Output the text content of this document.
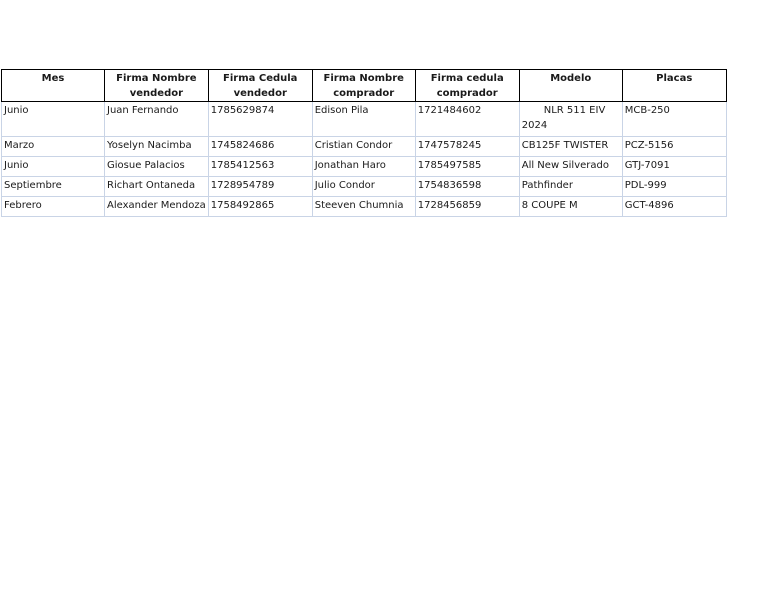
Mes	Firma Nombre vendedor	Firma Cedula vendedor	Firma Nombre comprador	Firma cedula comprador	Modelo	Placas
Junio	Juan Fernando	1785629874	Edison Pila	1721484602	NLR 511 EIV 2024	MCB-250
Marzo	Yoselyn Nacimba	1745824686	Cristian Condor	1747578245	CB125F TWISTER	PCZ-5156
Junio	Giosue Palacios	1785412563	Jonathan Haro	1785497585	All New Silverado	GTJ-7091
Septiembre	Richart Ontaneda	1728954789	Julio Condor	1754836598	Pathfinder	PDL-999
Febrero	Alexander Mendoza	1758492865	Steeven Chumnia	1728456859	8 COUPE M	GCT-4896
